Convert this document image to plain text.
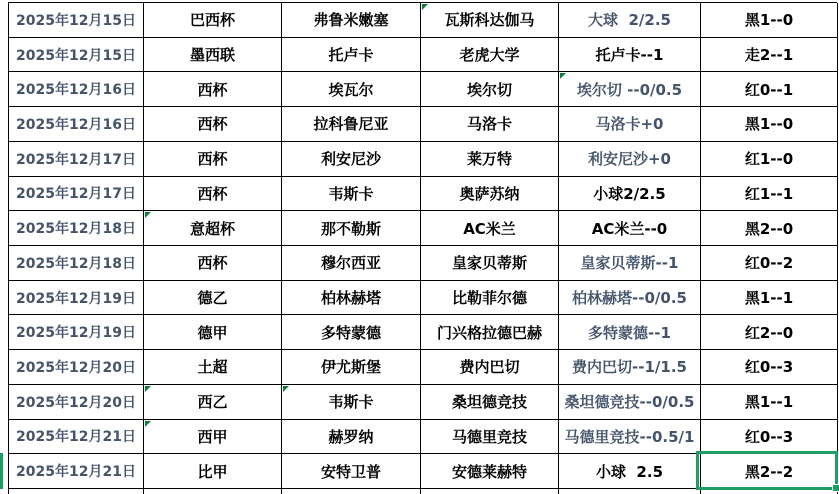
2025年12月15日	巴西杯	弗鲁米嫩塞	瓦斯科达伽马	大球  2/2.5	黑1--0
2025年12月15日	墨西联	托卢卡	老虎大学	托卢卡--1	走2--1
2025年12月16日	西杯	埃瓦尔	埃尔切	埃尔切 --0/0.5	红0--1
2025年12月16日	西杯	拉科鲁尼亚	马洛卡	马洛卡+0	黑1--0
2025年12月17日	西杯	利安尼沙	莱万特	利安尼沙+0	红1--0
2025年12月17日	西杯	韦斯卡	奥萨苏纳	小球2/2.5	红1--1
2025年12月18日	意超杯	那不勒斯	AC米兰	AC米兰--0	黑2--0
2025年12月18日	西杯	穆尔西亚	皇家贝蒂斯	皇家贝蒂斯--1	红0--2
2025年12月19日	德乙	柏林赫塔	比勒菲尔德	柏林赫塔--0/0.5	黑1--1
2025年12月19日	德甲	多特蒙德	门兴格拉德巴赫	多特蒙德--1	红2--0
2025年12月20日	土超	伊尤斯堡	费内巴切	费内巴切--1/1.5	红0--3
2025年12月20日	西乙	韦斯卡	桑坦德竞技	桑坦德竞技--0/0.5	黑1--1
2025年12月21日	西甲	赫罗纳	马德里竞技	马德里竞技--0.5/1	红0--3
2025年12月21日	比甲	安特卫普	安德莱赫特	小球  2.5	黑2--2
